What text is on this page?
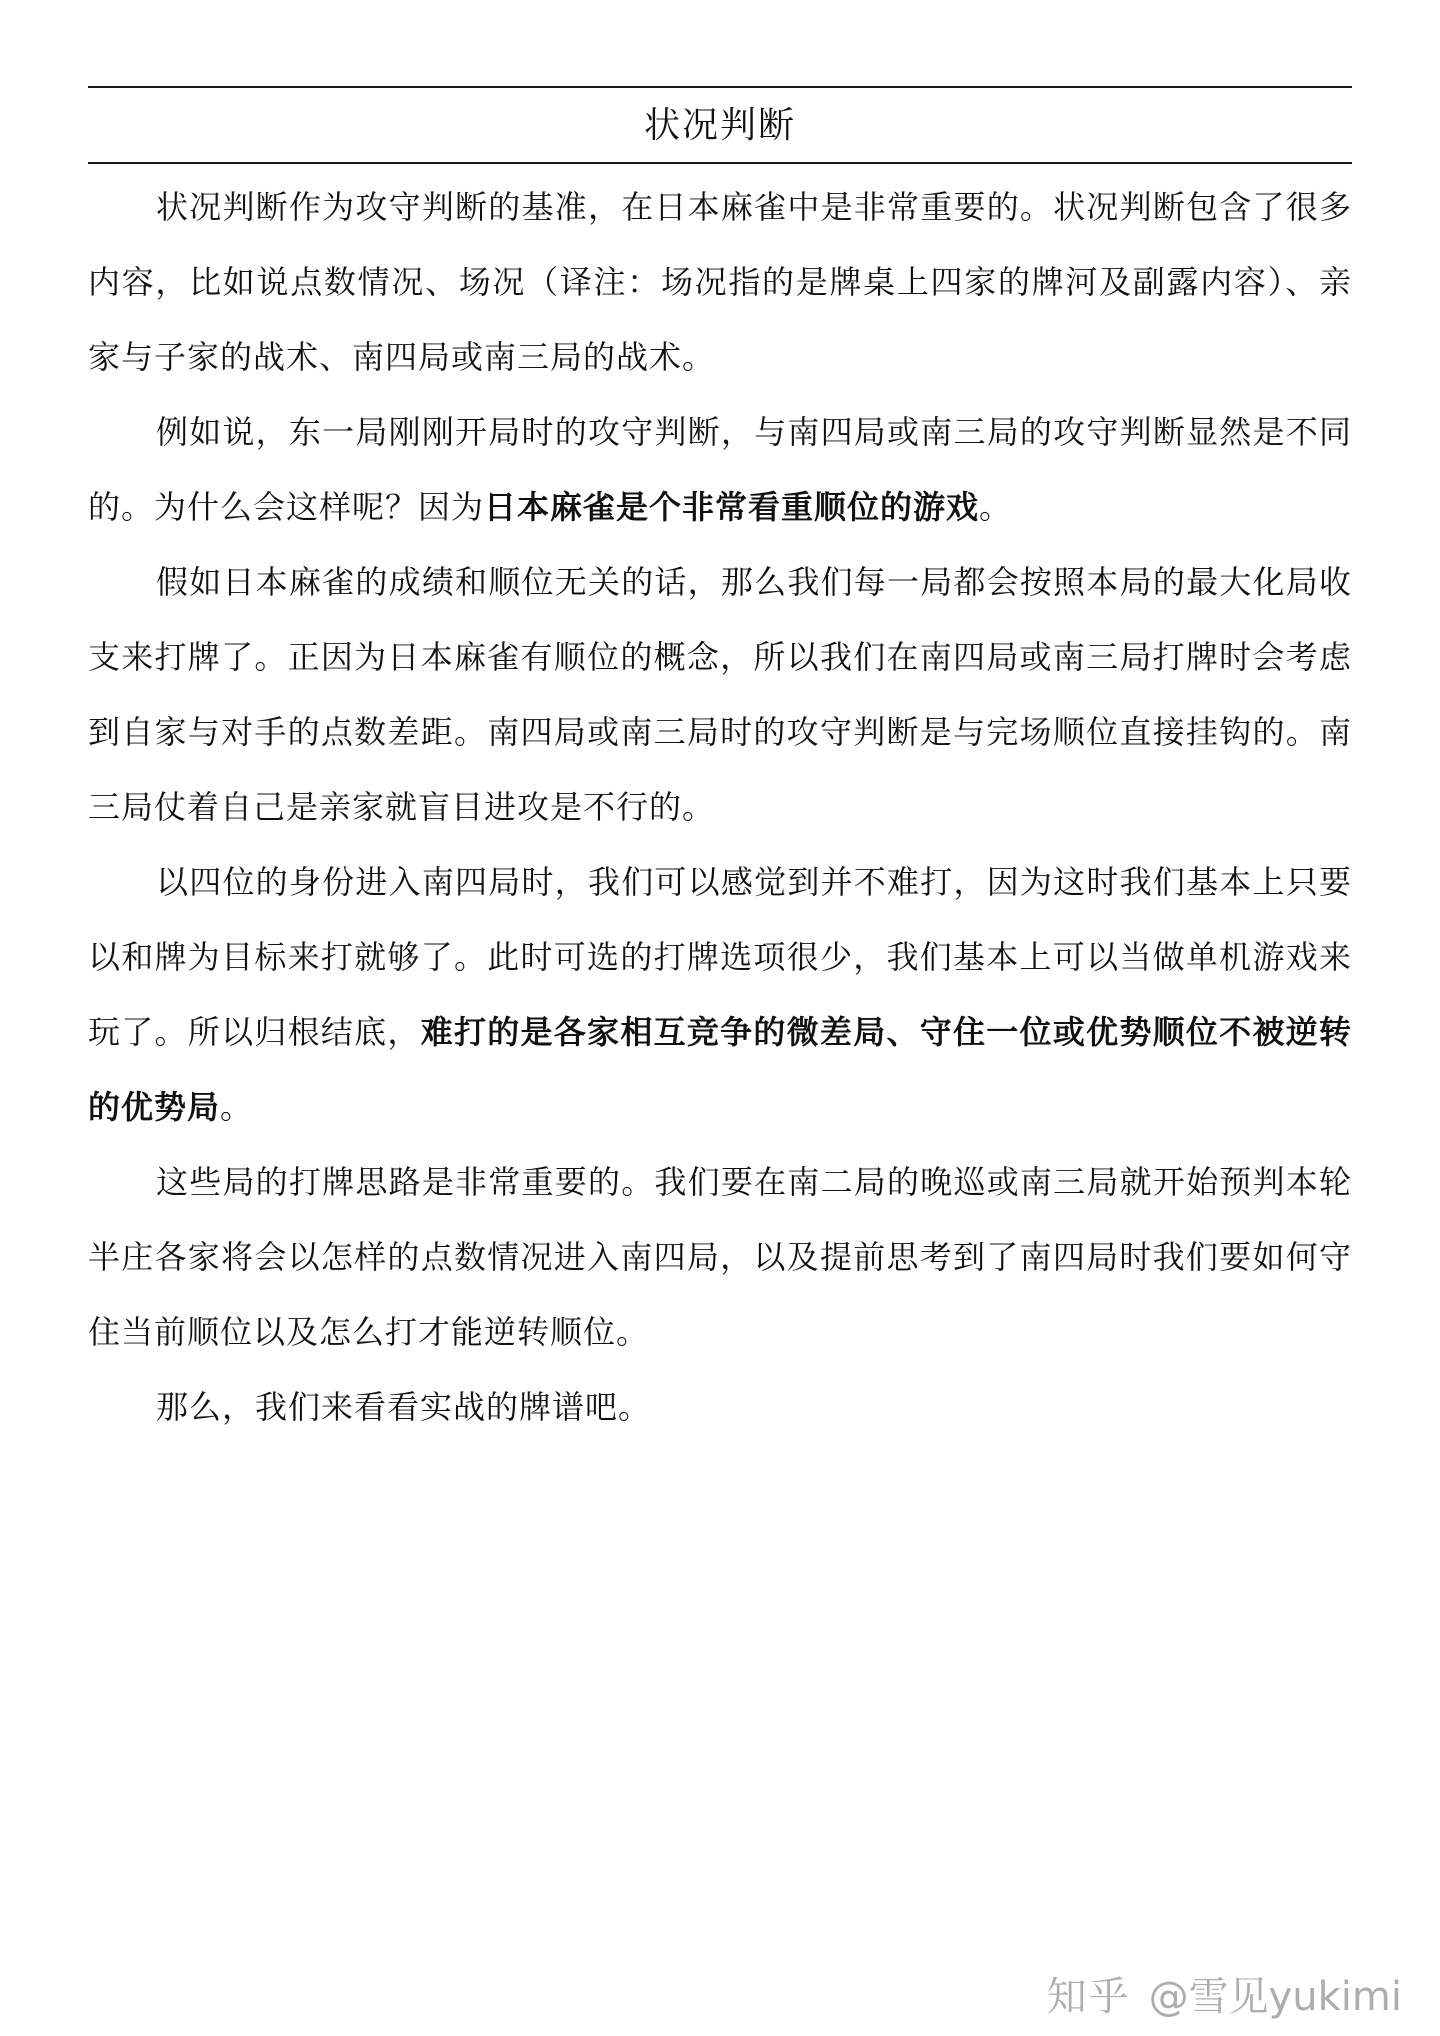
状况判断

状况判断作为攻守判断的基准，在日本麻雀中是非常重要的。状况判断包含了很多内容，比如说点数情况、场况（译注：场况指的是牌桌上四家的牌河及副露内容）、亲家与子家的战术、南四局或南三局的战术。

例如说，东一局刚刚开局时的攻守判断，与南四局或南三局的攻守判断显然是不同的。为什么会这样呢？因为日本麻雀是个非常看重顺位的游戏。

假如日本麻雀的成绩和顺位无关的话，那么我们每一局都会按照本局的最大化局收支来打牌了。正因为日本麻雀有顺位的概念，所以我们在南四局或南三局打牌时会考虑到自家与对手的点数差距。南四局或南三局时的攻守判断是与完场顺位直接挂钩的。南三局仗着自己是亲家就盲目进攻是不行的。

以四位的身份进入南四局时，我们可以感觉到并不难打，因为这时我们基本上只要以和牌为目标来打就够了。此时可选的打牌选项很少，我们基本上可以当做单机游戏来玩了。所以归根结底，难打的是各家相互竞争的微差局、守住一位或优势顺位不被逆转的优势局。

这些局的打牌思路是非常重要的。我们要在南二局的晚巡或南三局就开始预判本轮半庄各家将会以怎样的点数情况进入南四局，以及提前思考到了南四局时我们要如何守住当前顺位以及怎么打才能逆转顺位。

那么，我们来看看实战的牌谱吧。

知乎 @雪见yukimi
